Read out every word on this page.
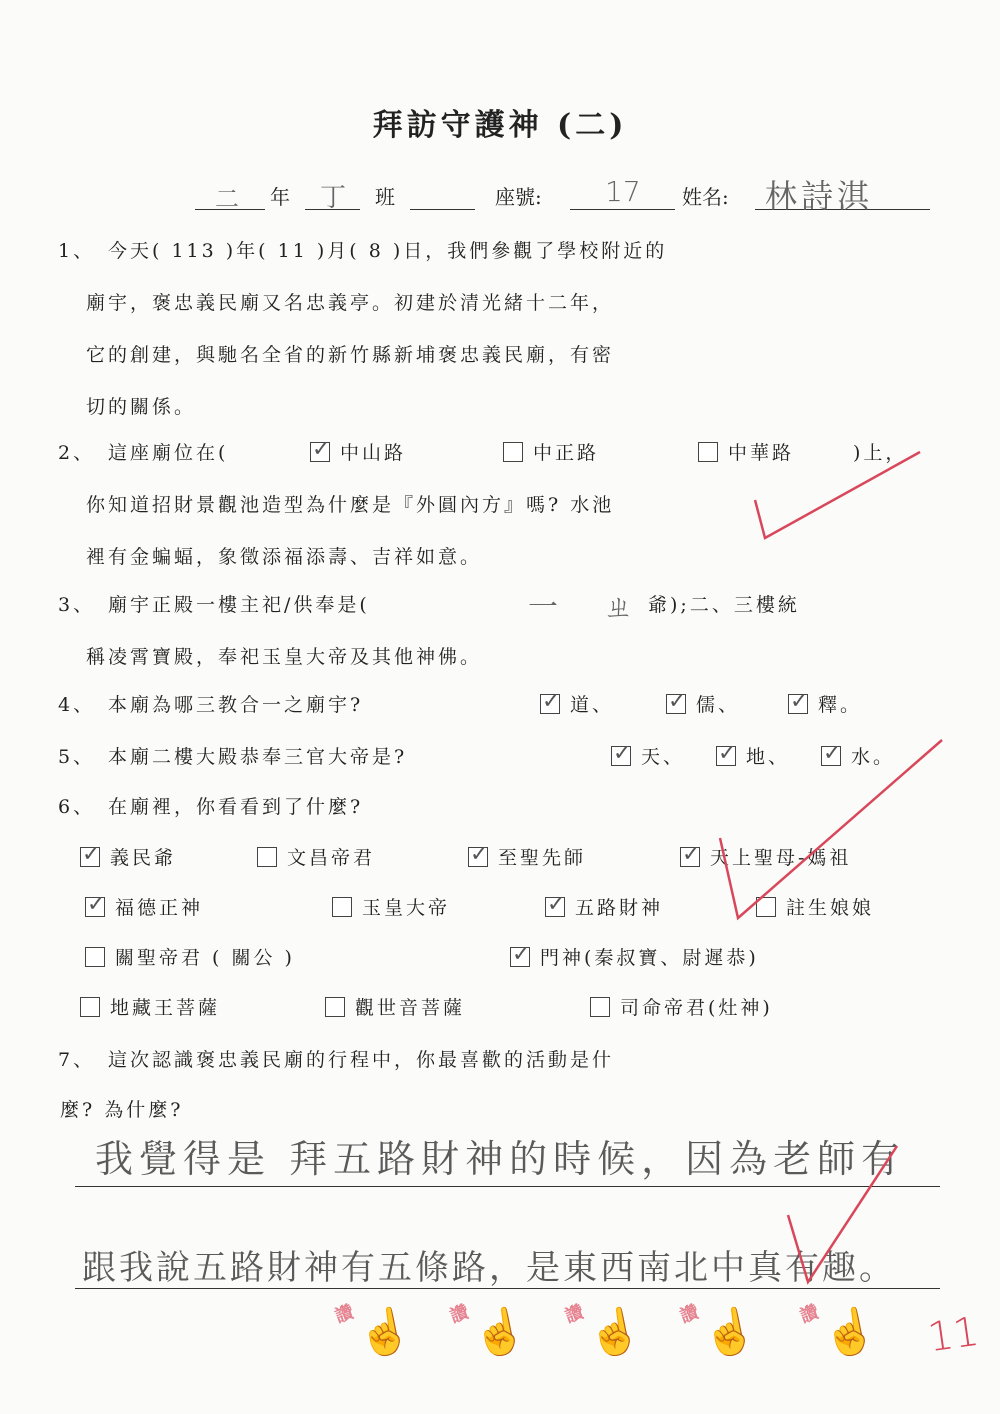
拜訪守護神 (二)
二 年 丁 班	座號: 17 姓名: 林詩淇
1、 今天( 113 )年( 11 )月( 8 )日，我們參觀了學校附近的
廟宇，褒忠義民廟又名忠義亭。初建於清光緒十二年，
它的創建，與馳名全省的新竹縣新埔褒忠義民廟，有密
切的關係。
2、 這座廟位在( ✓	中山路	中正路	中華路	)上，
你知道招財景觀池造型為什麼是『外圓內方』嗎? 水池
裡有金蝙蝠，象徵添福添壽、吉祥如意。
3、 廟宇正殿一樓主祀/供奉是(	一 ㄓ
爺);二、三樓統
稱凌霄寶殿，奉祀玉皇大帝及其他神佛。
4、 本廟為哪三教合一之廟宇? ✓	道、 ✓	儒、 ✓	釋。
5、 本廟二樓大殿恭奉三官大帝是? ✓	天、 ✓	地、 ✓	水。
6、 在廟裡，你看看到了什麼?
✓義民爺	文昌帝君 ✓	至聖先師 ✓	天上聖母-媽祖
✓福德正神	玉皇大帝 ✓	五路財神	註生娘娘
關聖帝君 ( 關公 ) ✓	門神(秦叔寶、尉遲恭)
地藏王菩薩	觀世音菩薩	司命帝君(灶神)
7、 這次認識褒忠義民廟的行程中，你最喜歡的活動是什
麼? 為什麼?
我覺得是 拜五路財神的時候，因為老師有
跟我說五路財神有五條路，是東西南北中真有趣。
讚
☝ 讚
☝ 讚
☝ 讚
☝ 讚
☝ 11
